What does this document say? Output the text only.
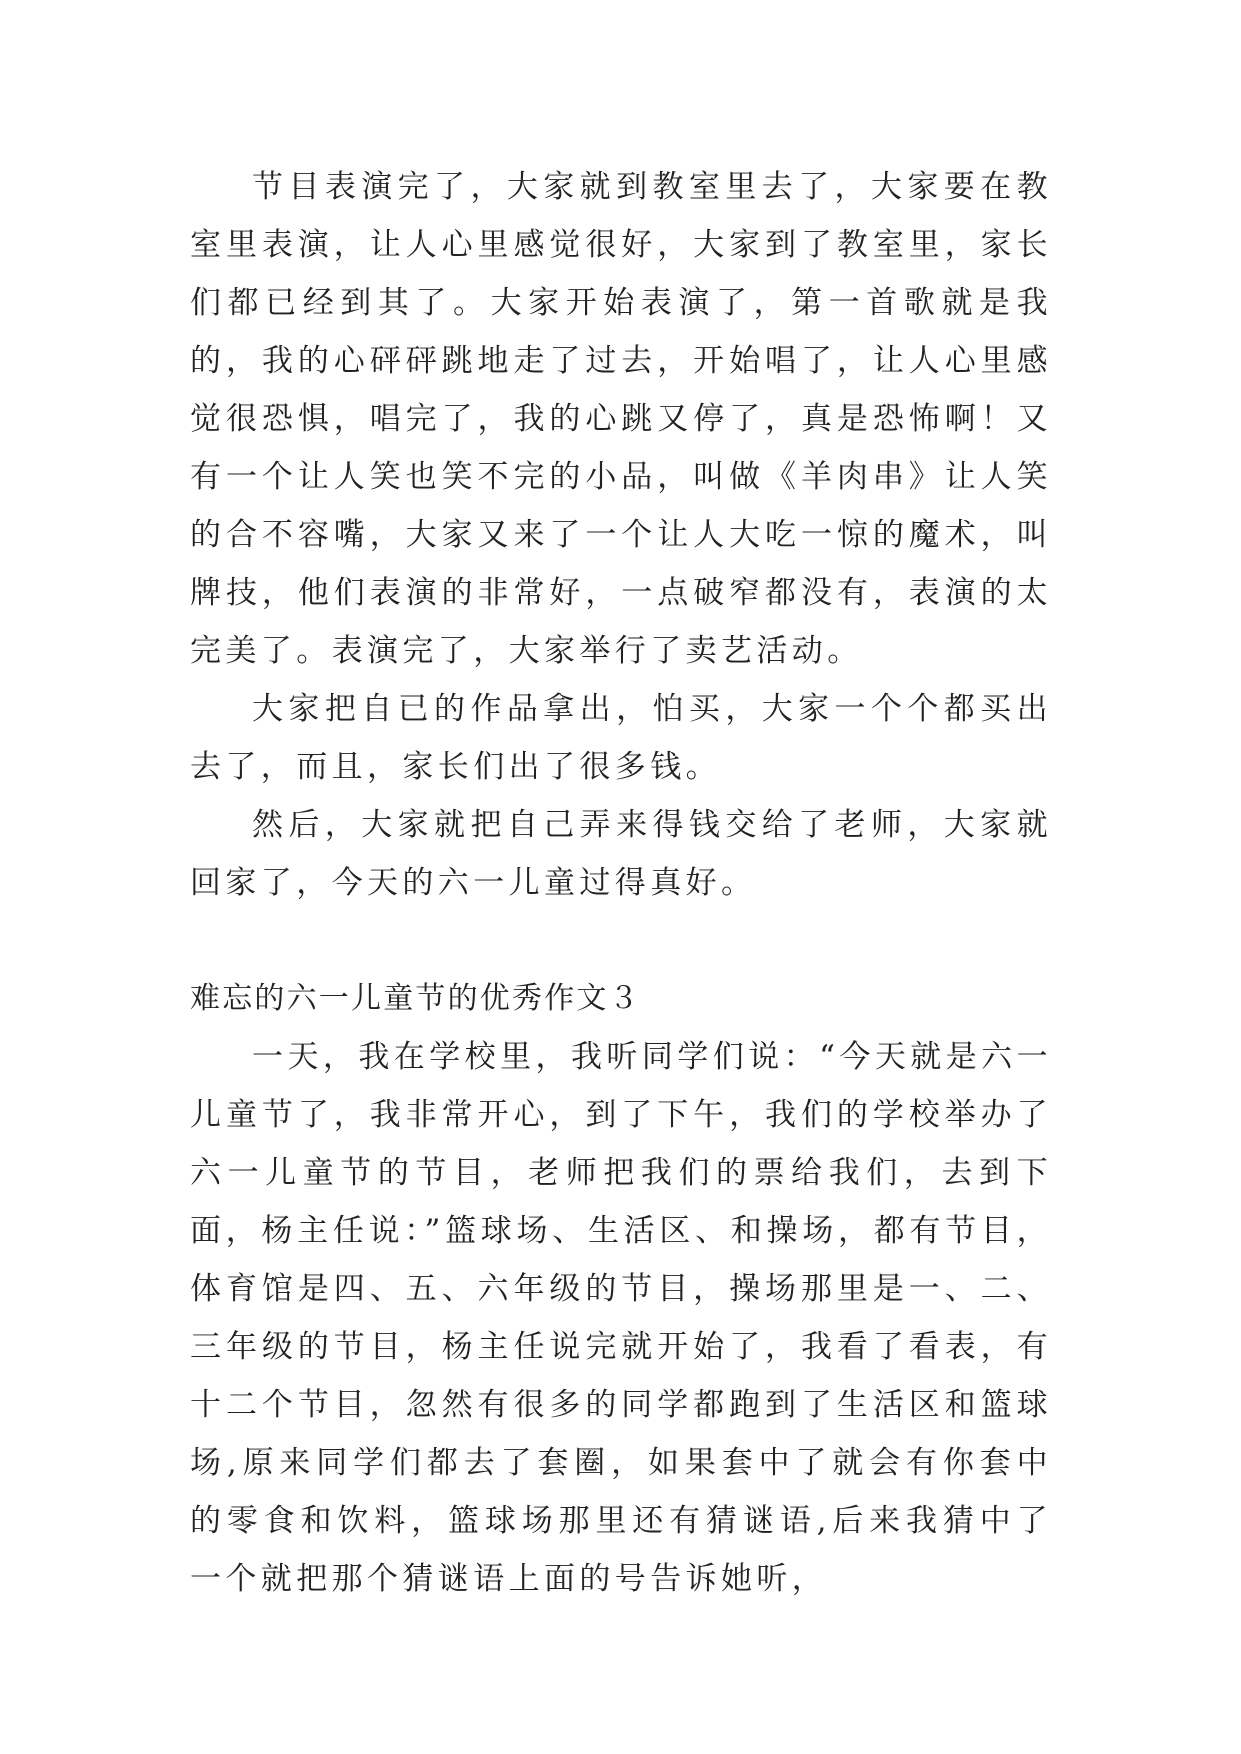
节目表演完了，大家就到教室里去了，大家要在教室里表演，让人心里感觉很好，大家到了教室里，家长们都已经到其了。大家开始表演了，第一首歌就是我的，我的心砰砰跳地走了过去，开始唱了，让人心里感觉很恐惧，唱完了，我的心跳又停了，真是恐怖啊！又有一个让人笑也笑不完的小品，叫做《羊肉串》让人笑的合不容嘴，大家又来了一个让人大吃一惊的魔术，叫牌技，他们表演的非常好，一点破窄都没有，表演的太完美了。表演完了，大家举行了卖艺活动。

大家把自已的作品拿出，怕买，大家一个个都买出去了，而且，家长们出了很多钱。

然后，大家就把自己弄来得钱交给了老师，大家就回家了，今天的六一儿童过得真好。

难忘的六一儿童节的优秀作文３

一天，我在学校里，我听同学们说：“今天就是六一儿童节了，我非常开心，到了下午，我们的学校举办了六一儿童节的节目，老师把我们的票给我们，去到下面，杨主任说：”篮球场、生活区、和操场，都有节目，体育馆是四、五、六年级的节目，操场那里是一、二、三年级的节目，杨主任说完就开始了，我看了看表，有十二个节目，忽然有很多的同学都跑到了生活区和篮球场,原来同学们都去了套圈，如果套中了就会有你套中的零食和饮料，篮球场那里还有猜谜语,后来我猜中了一个就把那个猜谜语上面的号告诉她听，
